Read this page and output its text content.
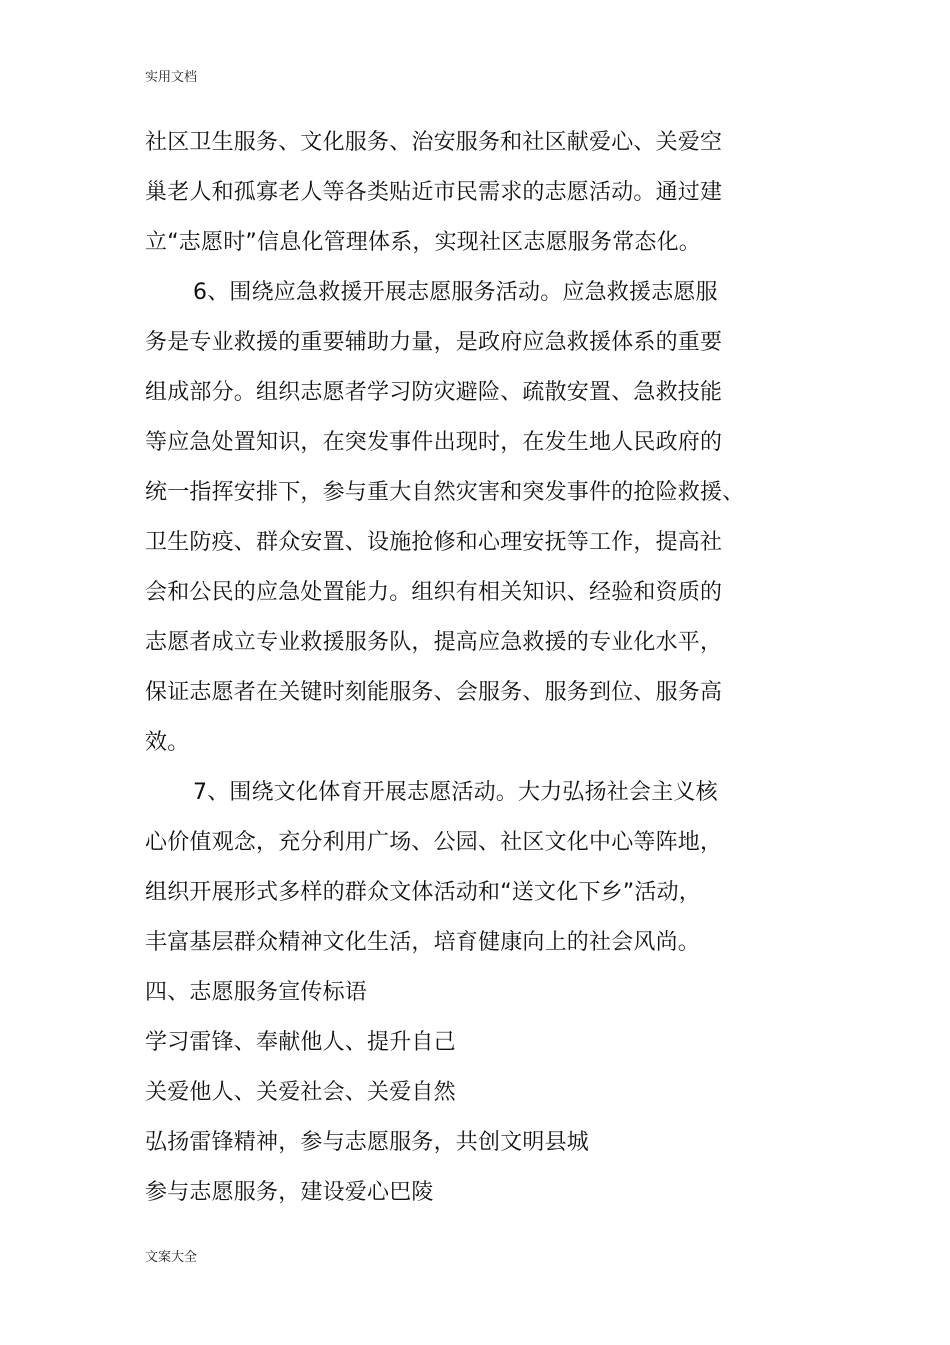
实用文档
社区卫生服务、文化服务、治安服务和社区献爱心、关爱空
巢老人和孤寡老人等各类贴近市民需求的志愿活动。通过建
立“志愿时”信息化管理体系，实现社区志愿服务常态化。
6、围绕应急救援开展志愿服务活动。应急救援志愿服
务是专业救援的重要辅助力量，是政府应急救援体系的重要
组成部分。组织志愿者学习防灾避险、疏散安置、急救技能
等应急处置知识，在突发事件出现时，在发生地人民政府的
统一指挥安排下，参与重大自然灾害和突发事件的抢险救援、
卫生防疫、群众安置、设施抢修和心理安抚等工作，提高社
会和公民的应急处置能力。组织有相关知识、经验和资质的
志愿者成立专业救援服务队，提高应急救援的专业化水平，
保证志愿者在关键时刻能服务、会服务、服务到位、服务高
效。
7、围绕文化体育开展志愿活动。大力弘扬社会主义核
心价值观念，充分利用广场、公园、社区文化中心等阵地，
组织开展形式多样的群众文体活动和“送文化下乡”活动，
丰富基层群众精神文化生活，培育健康向上的社会风尚。
四、志愿服务宣传标语
学习雷锋、奉献他人、提升自己
关爱他人、关爱社会、关爱自然
弘扬雷锋精神，参与志愿服务，共创文明县城
参与志愿服务，建设爱心巴陵
文案大全
